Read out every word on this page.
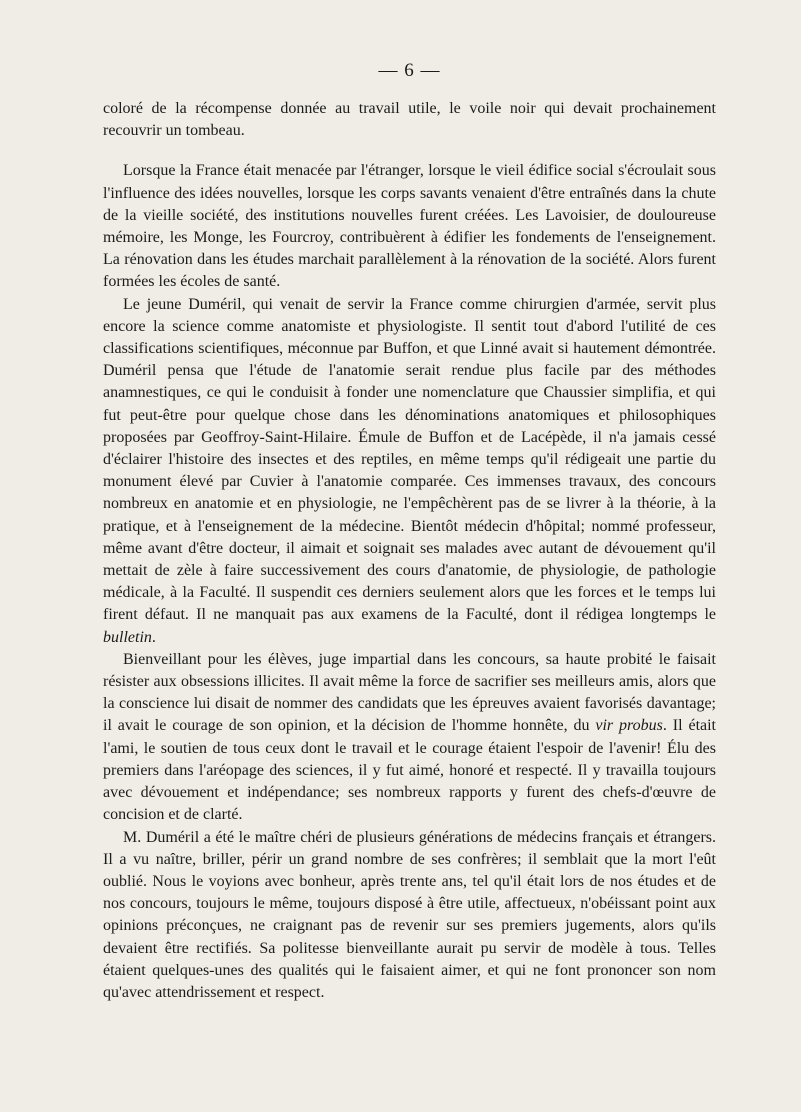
— 6 —

coloré de la récompense donnée au travail utile, le voile noir qui devait prochainement recouvrir un tombeau.

Lorsque la France était menacée par l'étranger, lorsque le vieil édifice social s'écroulait sous l'influence des idées nouvelles, lorsque les corps savants venaient d'être entraînés dans la chute de la vieille société, des institutions nouvelles furent créées. Les Lavoisier, de douloureuse mémoire, les Monge, les Fourcroy, contribuèrent à édifier les fondements de l'enseignement. La rénovation dans les études marchait parallèlement à la rénovation de la société. Alors furent formées les écoles de santé.

Le jeune Duméril, qui venait de servir la France comme chirurgien d'armée, servit plus encore la science comme anatomiste et physiologiste. Il sentit tout d'abord l'utilité de ces classifications scientifiques, méconnue par Buffon, et que Linné avait si hautement démontrée. Duméril pensa que l'étude de l'anatomie serait rendue plus facile par des méthodes anamnestiques, ce qui le conduisit à fonder une nomenclature que Chaussier simplifia, et qui fut peut-être pour quelque chose dans les dénominations anatomiques et philosophiques proposées par Geoffroy-Saint-Hilaire. Émule de Buffon et de Lacépède, il n'a jamais cessé d'éclairer l'histoire des insectes et des reptiles, en même temps qu'il rédigeait une partie du monument élevé par Cuvier à l'anatomie comparée. Ces immenses travaux, des concours nombreux en anatomie et en physiologie, ne l'empêchèrent pas de se livrer à la théorie, à la pratique, et à l'enseignement de la médecine. Bientôt médecin d'hôpital; nommé professeur, même avant d'être docteur, il aimait et soignait ses malades avec autant de dévouement qu'il mettait de zèle à faire successivement des cours d'anatomie, de physiologie, de pathologie médicale, à la Faculté. Il suspendit ces derniers seulement alors que les forces et le temps lui firent défaut. Il ne manquait pas aux examens de la Faculté, dont il rédigea longtemps le bulletin.

Bienveillant pour les élèves, juge impartial dans les concours, sa haute probité le faisait résister aux obsessions illicites. Il avait même la force de sacrifier ses meilleurs amis, alors que la conscience lui disait de nommer des candidats que les épreuves avaient favorisés davantage; il avait le courage de son opinion, et la décision de l'homme honnête, du vir probus. Il était l'ami, le soutien de tous ceux dont le travail et le courage étaient l'espoir de l'avenir! Élu des premiers dans l'aréopage des sciences, il y fut aimé, honoré et respecté. Il y travailla toujours avec dévouement et indépendance; ses nombreux rapports y furent des chefs-d'œuvre de concision et de clarté.

M. Duméril a été le maître chéri de plusieurs générations de médecins français et étrangers. Il a vu naître, briller, périr un grand nombre de ses confrères; il semblait que la mort l'eût oublié. Nous le voyions avec bonheur, après trente ans, tel qu'il était lors de nos études et de nos concours, toujours le même, toujours disposé à être utile, affectueux, n'obéissant point aux opinions préconçues, ne craignant pas de revenir sur ses premiers jugements, alors qu'ils devaient être rectifiés. Sa politesse bienveillante aurait pu servir de modèle à tous. Telles étaient quelques-unes des qualités qui le faisaient aimer, et qui ne font prononcer son nom qu'avec attendrissement et respect.
